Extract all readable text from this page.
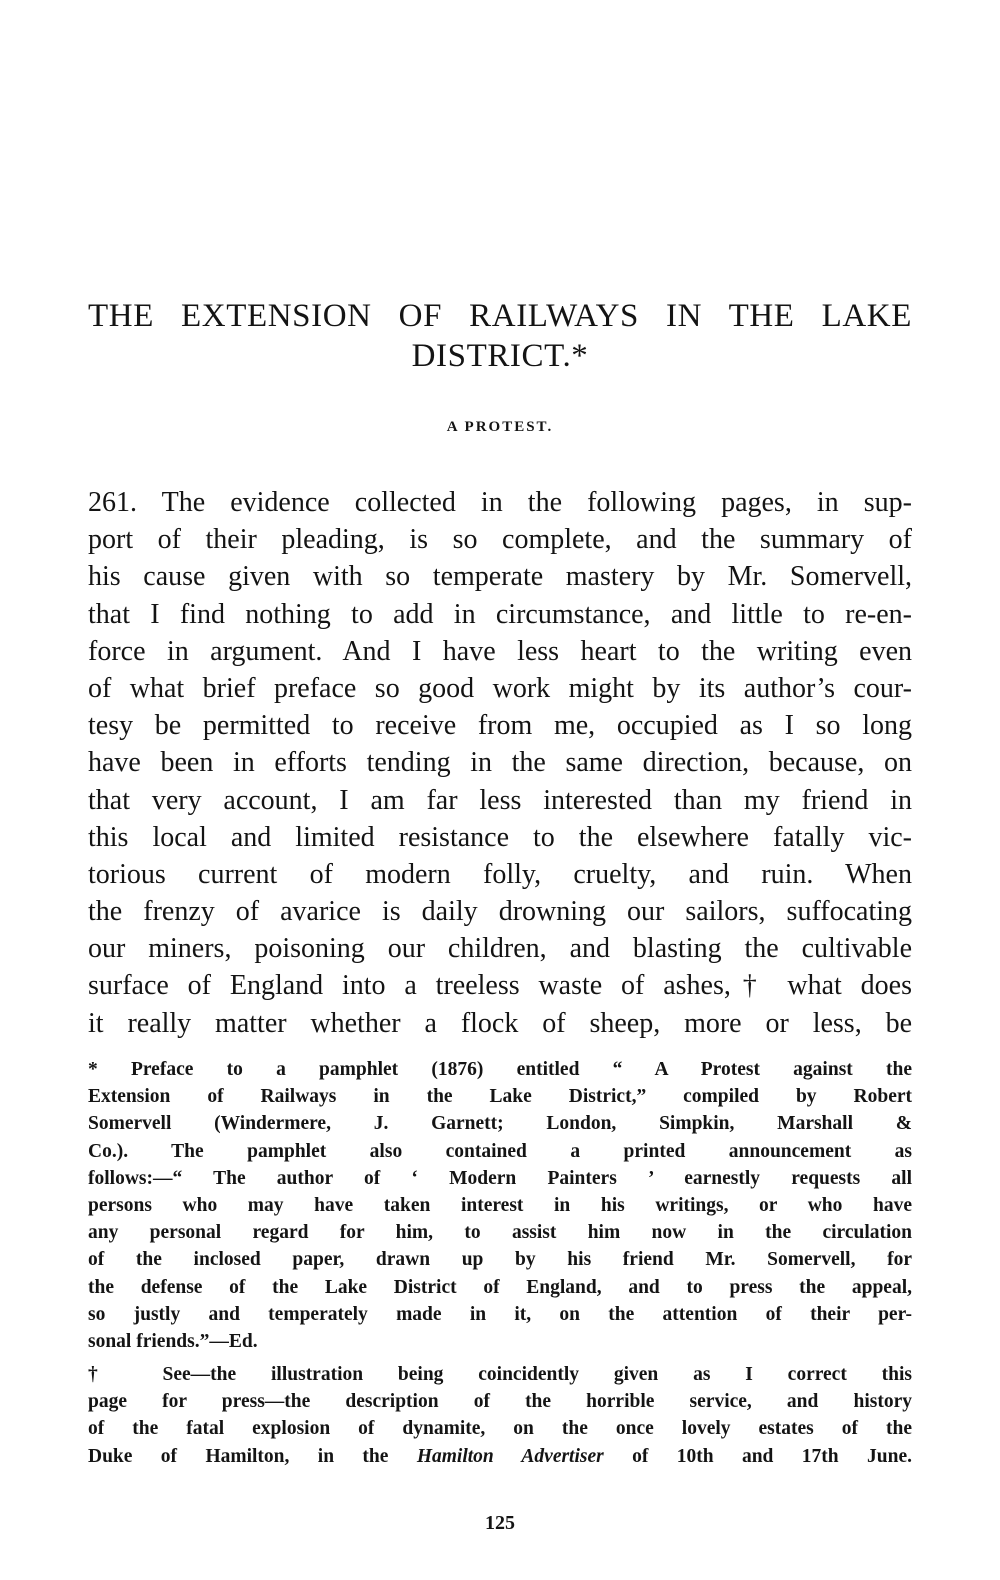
THE EXTENSION OF RAILWAYS IN THE LAKE
DISTRICT.*
A PROTEST.
261. The evidence collected in the following pages, in sup-
port of their pleading, is so complete, and the summary of
his cause given with so temperate mastery by Mr. Somervell,
that I find nothing to add in circumstance, and little to re-en-
force in argument. And I have less heart to the writing even
of what brief preface so good work might by its author’s cour-
tesy be permitted to receive from me, occupied as I so long
have been in efforts tending in the same direction, because, on
that very account, I am far less interested than my friend in
this local and limited resistance to the elsewhere fatally vic-
torious current of modern folly, cruelty, and ruin. When
the frenzy of avarice is daily drowning our sailors, suffocating
our miners, poisoning our children, and blasting the cultivable
surface of England into a treeless waste of ashes,† what does
it really matter whether a flock of sheep, more or less, be
* Preface to a pamphlet (1876) entitled “ A Protest against the
Extension of Railways in the Lake District,” compiled by Robert
Somervell (Windermere, J. Garnett; London, Simpkin, Marshall &
Co.). The pamphlet also contained a printed announcement as
follows:—“ The author of ‘ Modern Painters ’ earnestly requests all
persons who may have taken interest in his writings, or who have
any personal regard for him, to assist him now in the circulation
of the inclosed paper, drawn up by his friend Mr. Somervell, for
the defense of the Lake District of England, and to press the appeal,
so justly and temperately made in it, on the attention of their per-
sonal friends.”—Ed.
† See—the illustration being coincidently given as I correct this
page for press—the description of the horrible service, and history
of the fatal explosion of dynamite, on the once lovely estates of the
Duke of Hamilton, in the Hamilton Advertiser of 10th and 17th June.
125
